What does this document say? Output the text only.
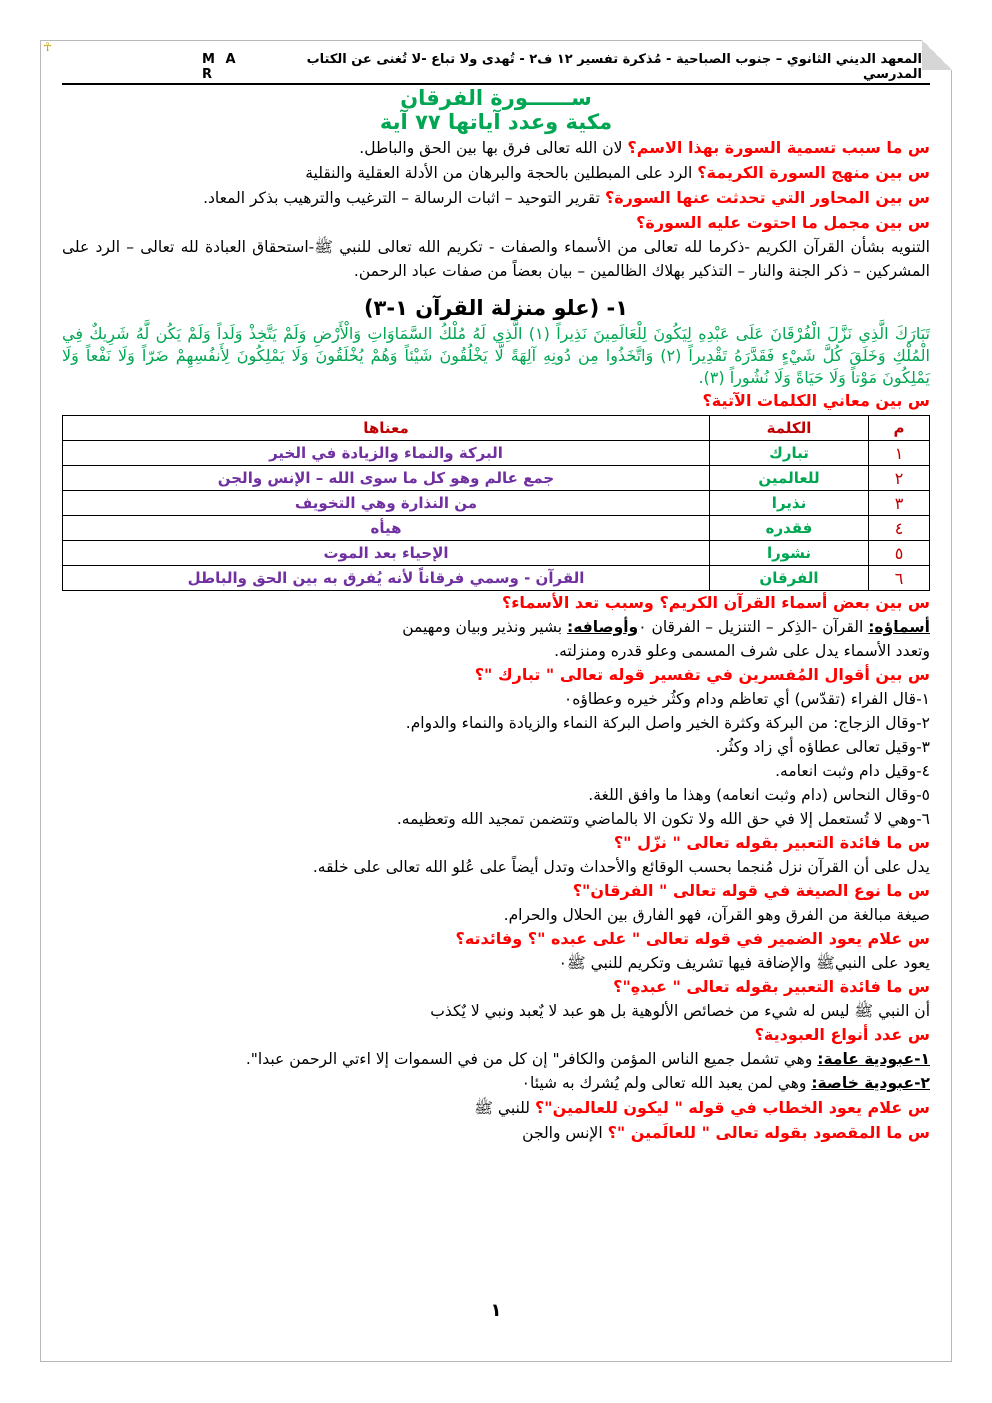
☥
المعهد الديني الثانوي – جنوب الصباحية - مُذكرة تفسير ١٢ ف٢ - تُهدى ولا تباع -لا تُغنى عن الكتاب المدرسي
M A R
ســــــورة الفرقان
مكية وعدد آياتها ٧٧ آية
س ما سبب تسمية السورة بهذا الاسم؟ لان الله تعالى فرق بها بين الحق والباطل.
س بين منهج السورة الكريمة؟ الرد على المبطلين بالحجة والبرهان من الأدلة العقلية والنقلية
س بين المحاور التي تحدثت عنها السورة؟ تقرير التوحيد – اثبات الرسالة – الترغيب والترهيب بذكر المعاد.
س بين مجمل ما احتوت عليه السورة؟
التنويه بشأن القرآن الكريم -ذكرما لله تعالى من الأسماء والصفات - تكريم الله تعالى للنبي ﷺ-استحقاق العبادة لله تعالى – الرد على المشركين – ذكر الجنة والنار – التذكير بهلاك الظالمين – بيان بعضاً من صفات عباد الرحمن.
١- (علو منزلة القرآن ١-٣)
تَبَارَكَ الَّذِي نَزَّلَ الْفُرْقَانَ عَلَى عَبْدِهِ لِيَكُونَ لِلْعَالَمِينَ نَذِيراً (١) الَّذِي لَهُ مُلْكُ السَّمَاوَاتِ وَالْأَرْضِ وَلَمْ يَتَّخِذْ وَلَداً وَلَمْ يَكُن لَّهُ شَرِيكٌ فِي الْمُلْكِ وَخَلَقَ كُلَّ شَيْءٍ فَقَدَّرَهُ تَقْدِيراً (٢) وَاتَّخَذُوا مِن دُونِهِ آلِهَةً لَّا يَخْلُقُونَ شَيْئاً وَهُمْ يُخْلَقُونَ وَلَا يَمْلِكُونَ لِأَنفُسِهِمْ ضَرّاً وَلَا نَفْعاً وَلَا يَمْلِكُونَ مَوْتاً وَلَا حَيَاةً وَلَا نُشُوراً (٣).
س بين معاني الكلمات الآتية؟
م	الكلمة	معناها
١	تبارك	البركة والنماء والزيادة في الخير
٢	للعالمين	جمع عالم وهو كل ما سوى الله – الإنس والجن
٣	نذيرا	من النذارة وهي التخويف
٤	فقدره	هيأه
٥	نشورا	الإحياء بعد الموت
٦	الفرقان	القرآن - وسمي فرقاناً لأنه يُفرق به بين الحق والباطل
س بين بعض أسماء القرآن الكريم؟ وسبب تعد الأسماء؟
أسماؤه: القرآن -الذِكر – التنزيل – الفرقان ٠وأوصافه: بشير ونذير وبيان ومهيمن
وتعدد الأسماء يدل على شرف المسمى وعلو قدره ومنزلته.
س بين أقوال المُفسرين في تفسير قوله تعالى " تبارك "؟
١-قال الفراء (تقدّس) أي تعاظم ودام وكثُر خيره وعطاؤه٠
٢-وقال الزجاج: من البركة وكثرة الخير واصل البركة النماء والزيادة والنماء والدوام.
٣-وقيل تعالى عطاؤه أي زاد وكثُر.
٤-وقيل دام وثبت انعامه.
٥-وقال النحاس (دام وثبت انعامه) وهذا ما وافق اللغة.
٦-وهي لا تُستعمل إلا في حق الله ولا تكون الا بالماضي وتتضمن تمجيد الله وتعظيمه.
س ما فائدة التعبير بقوله تعالى " نزّل "؟
يدل على أن القرآن نزل مُنجما بحسب الوقائع والأحداث وتدل أيضاً على عُلو الله تعالى على خلقه.
س ما نوع الصيغة في قوله تعالى " الفرقان"؟
صيغة مبالغة من الفرق وهو القرآن، فهو الفارق بين الحلال والحرام.
س علام يعود الضمير في قوله تعالى " على عبده "؟ وفائدته؟
يعود على النبيﷺ والإضافة فيها تشريف وتكريم للنبي ﷺ٠
س ما فائدة التعبير بقوله تعالى " عبدهِ"؟
أن النبي ﷺ ليس له شيء من خصائص الألوهية بل هو عبد لا يٌعبد ونبي لا يٌكذب
س عدد أنواع العبودية؟
١-عبودية عامة: وهي تشمل جميع الناس المؤمن والكافر" إن كل من في السموات إلا اءتي الرحمن عبدا".
٢-عبودية خاصة: وهي لمن يعبد الله تعالى ولم يُشرك به شيئا٠
س علام يعود الخطاب في قوله " ليكون للعالمين"؟ للنبي ﷺ
س ما المقصود بقوله تعالى " للعالَمين "؟ الإنس والجن
١
